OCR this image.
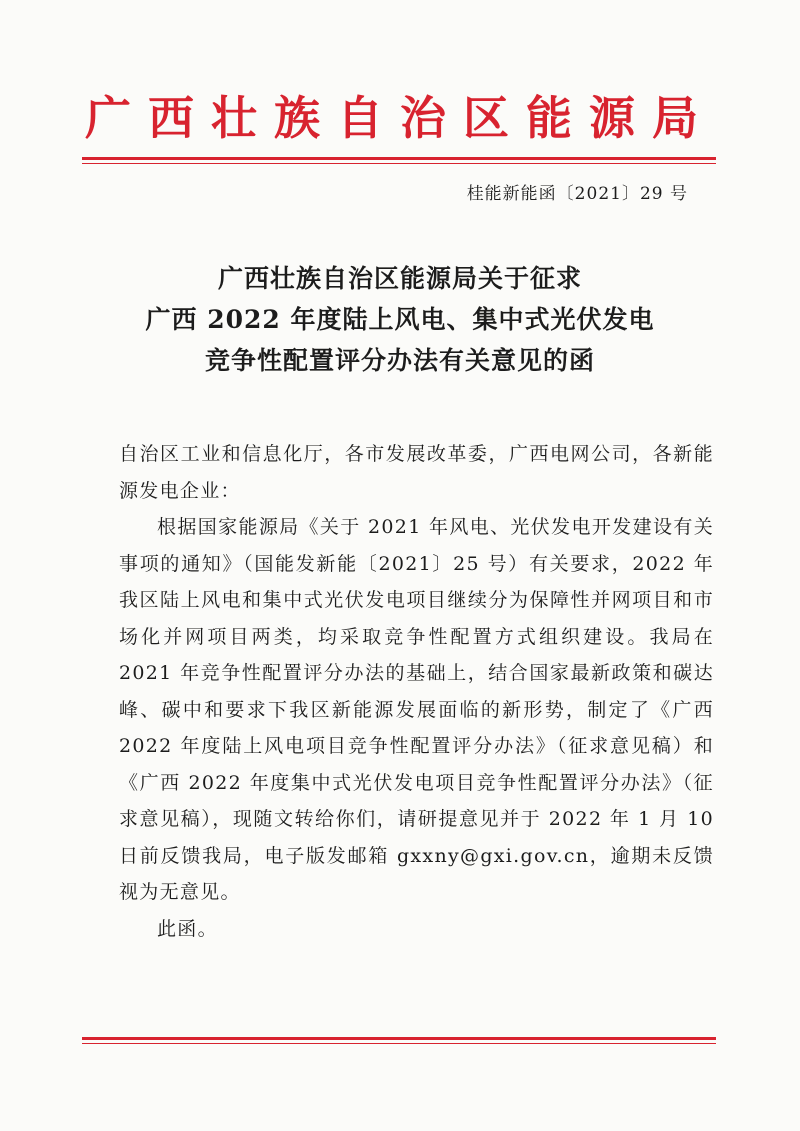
广西壮族自治区能源局
桂能新能函〔2021〕29 号
广西壮族自治区能源局关于征求
广西 2022 年度陆上风电、集中式光伏发电
竞争性配置评分办法有关意见的函

自治区工业和信息化厅，各市发展改革委，广西电网公司，各新能源发电企业：

根据国家能源局《关于 2021 年风电、光伏发电开发建设有关事项的通知》（国能发新能〔2021〕25 号）有关要求，2022 年我区陆上风电和集中式光伏发电项目继续分为保障性并网项目和市场化并网项目两类，均采取竞争性配置方式组织建设。我局在 2021 年竞争性配置评分办法的基础上，结合国家最新政策和碳达峰、碳中和要求下我区新能源发展面临的新形势，制定了《广西 2022 年度陆上风电项目竞争性配置评分办法》（征求意见稿）和《广西 2022 年度集中式光伏发电项目竞争性配置评分办法》（征求意见稿），现随文转给你们，请研提意见并于 2022 年 1 月 10 日前反馈我局，电子版发邮箱 gxxny@gxi.gov.cn，逾期未反馈视为无意见。

此函。
